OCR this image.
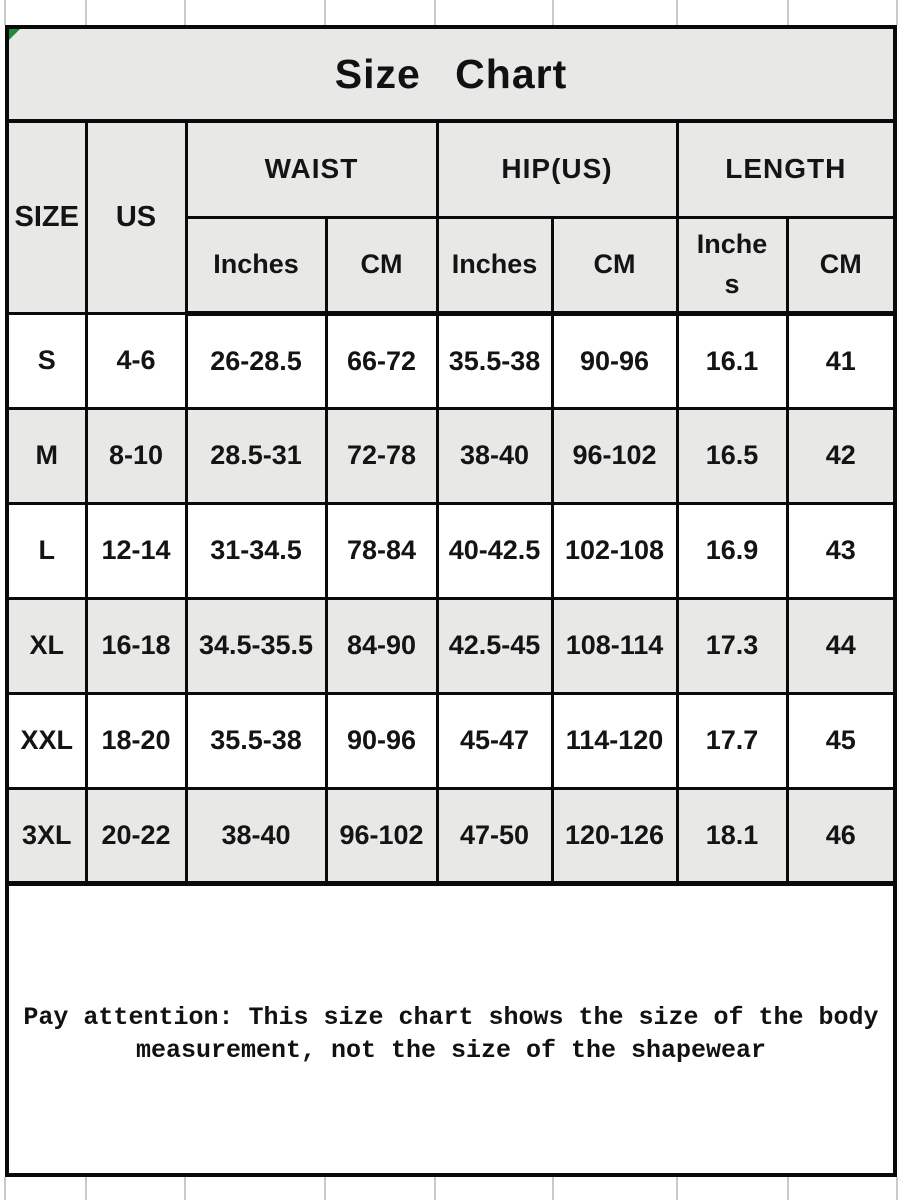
Size Chart
SIZE	US	WAIST		HIP(US)		LENGTH	
		Inches	CM	Inches	CM	Inches	CM
S	4-6	26-28.5	66-72	35.5-38	90-96	16.1	41
M	8-10	28.5-31	72-78	38-40	96-102	16.5	42
L	12-14	31-34.5	78-84	40-42.5	102-108	16.9	43
XL	16-18	34.5-35.5	84-90	42.5-45	108-114	17.3	44
XXL	18-20	35.5-38	90-96	45-47	114-120	17.7	45
3XL	20-22	38-40	96-102	47-50	120-126	18.1	46
Pay attention: This size chart shows the size of the body
measurement, not the size of the shapewear
